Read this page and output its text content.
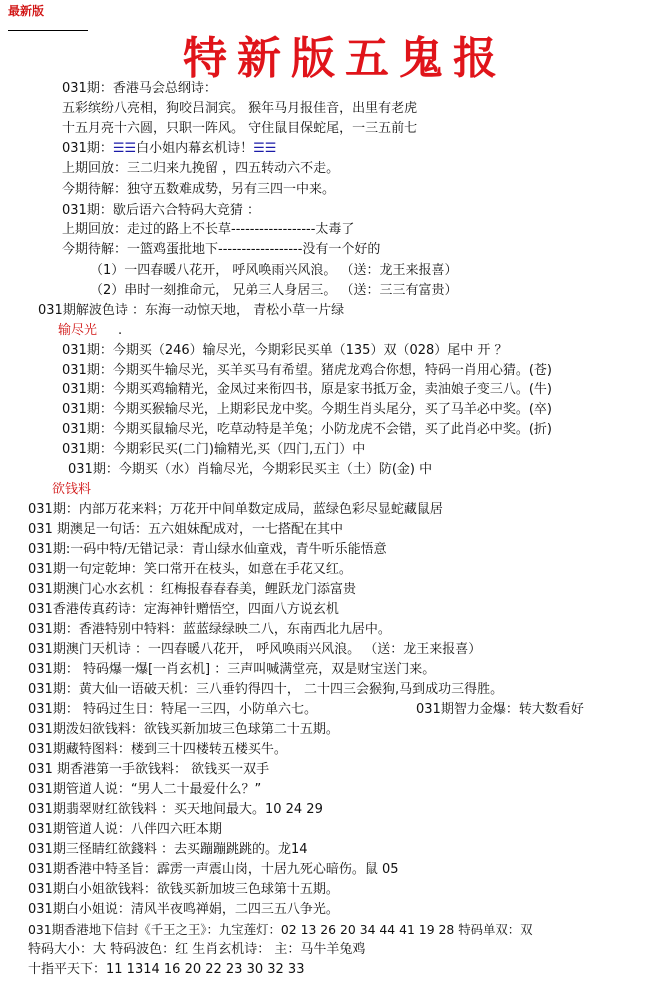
最新版
特新版五鬼报
031期：香港马会总纲诗：
五彩缤纷八亮相，狗咬吕洞宾。 猴年马月报佳音，出里有老虎
十五月亮十六圆，只职一阵风。 守住鼠目保蛇尾，一三五前七
031期：☰☰白小姐内幕玄机诗！☰☰
上期回放：三二归来九挽留 ，四五转动六不走。
今期待解：独守五数难成势，另有三四一中来。
031期：歇后语六合特码大竞猜 ：
上期回放：走过的路上不长草------------------太毒了
今期待解：一篮鸡蛋批地下------------------没有一个好的
（1）一四春暖八花开， 呼风唤雨兴风浪。 （送：龙王来报喜）
（2）串时一刻推命元， 兄弟三人身居三。 （送：三三有富贵）
031期解波色诗 ：东海一动惊天地， 青松小草一片绿
输尽光 .
031期：今期买（246）输尽光，今期彩民买单（135）双（028）尾中 开 ？
031期：今期买牛输尽光，买羊买马有希望。猪虎龙鸡合你想，特码一肖用心猜。(苍)
031期：今期买鸡输精光，金凤过来衔四书，原是家书抵万金，卖油娘子变三八。(牛)
031期：今期买猴输尽光，上期彩民龙中奖。今期生肖头尾分，买了马羊必中奖。(卒)
031期：今期买鼠输尽光，吃草动特是羊兔；小防龙虎不会错，买了此肖必中奖。(折)
031期：今期彩民买(二门)输精光,买（四门,五门）中
031期：今期买（水）肖输尽光，今期彩民买主（土）防(金) 中
欲钱料
031期：内部万花来料；万花开中间单数定成局，蓝绿色彩尽显蛇藏鼠居
031 期澳足一句话：五六姐妹配成对，一七搭配在其中
031期:一码中特/无错记录：青山绿水仙童戏，青牛听乐能悟意
031期一句定乾坤：笑口常开在枝头，如意在手花又红。
031期澳门心水玄机 ：红梅报春春春美，鲤跃龙门添富贵
031香港传真药诗：定海神针赠悟空，四面八方说玄机
031期：香港特别中特料：蓝蓝绿绿映二八，东南西北九居中。
031期澳门天机诗 ：一四春暖八花开， 呼风唤雨兴风浪。 （送：龙王来报喜）
031期： 特码爆一爆[一肖玄机] ：三声叫喊满堂亮，双是财宝送门来。
031期：黄大仙一语破天机：三八垂钓得四十， 二十四三会猴狗,马到成功三得胜。
031期： 特码过生日：特尾一三四，小防单六七。	031期智力金爆：转大数看好
031期泼妇欲钱料：欲钱买新加坡三色球第二十五期。
031期藏特图料：楼到三十四楼转五楼买牛。
031 期香港第一手欲钱料： 欲钱买一双手
031期管道人说：“男人二十最爱什么？”
031期翡翠财红欲钱料 ：买天地间最大。10 24 29
031期管道人说：八伴四六旺本期
031期三怪睛红欲錢料 ：去买蹦蹦跳跳的。龙14
031期香港中特圣旨：霹雳一声震山岗，十居九死心暗伤。鼠 05
031期白小姐欲钱料：欲钱买新加坡三色球第十五期。
031期白小姐说：清风半夜鸣禅娟，二四三五八争光。
031期香港地下信封《千王之王》：九宝莲灯：02 13 26 20 34 44 41 19 28 特码单双：双
特码大小：大 特码波色：红 生肖玄机诗： 主：马牛羊兔鸡
十指平天下：11 1314 16 20 22 23 30 32 33
